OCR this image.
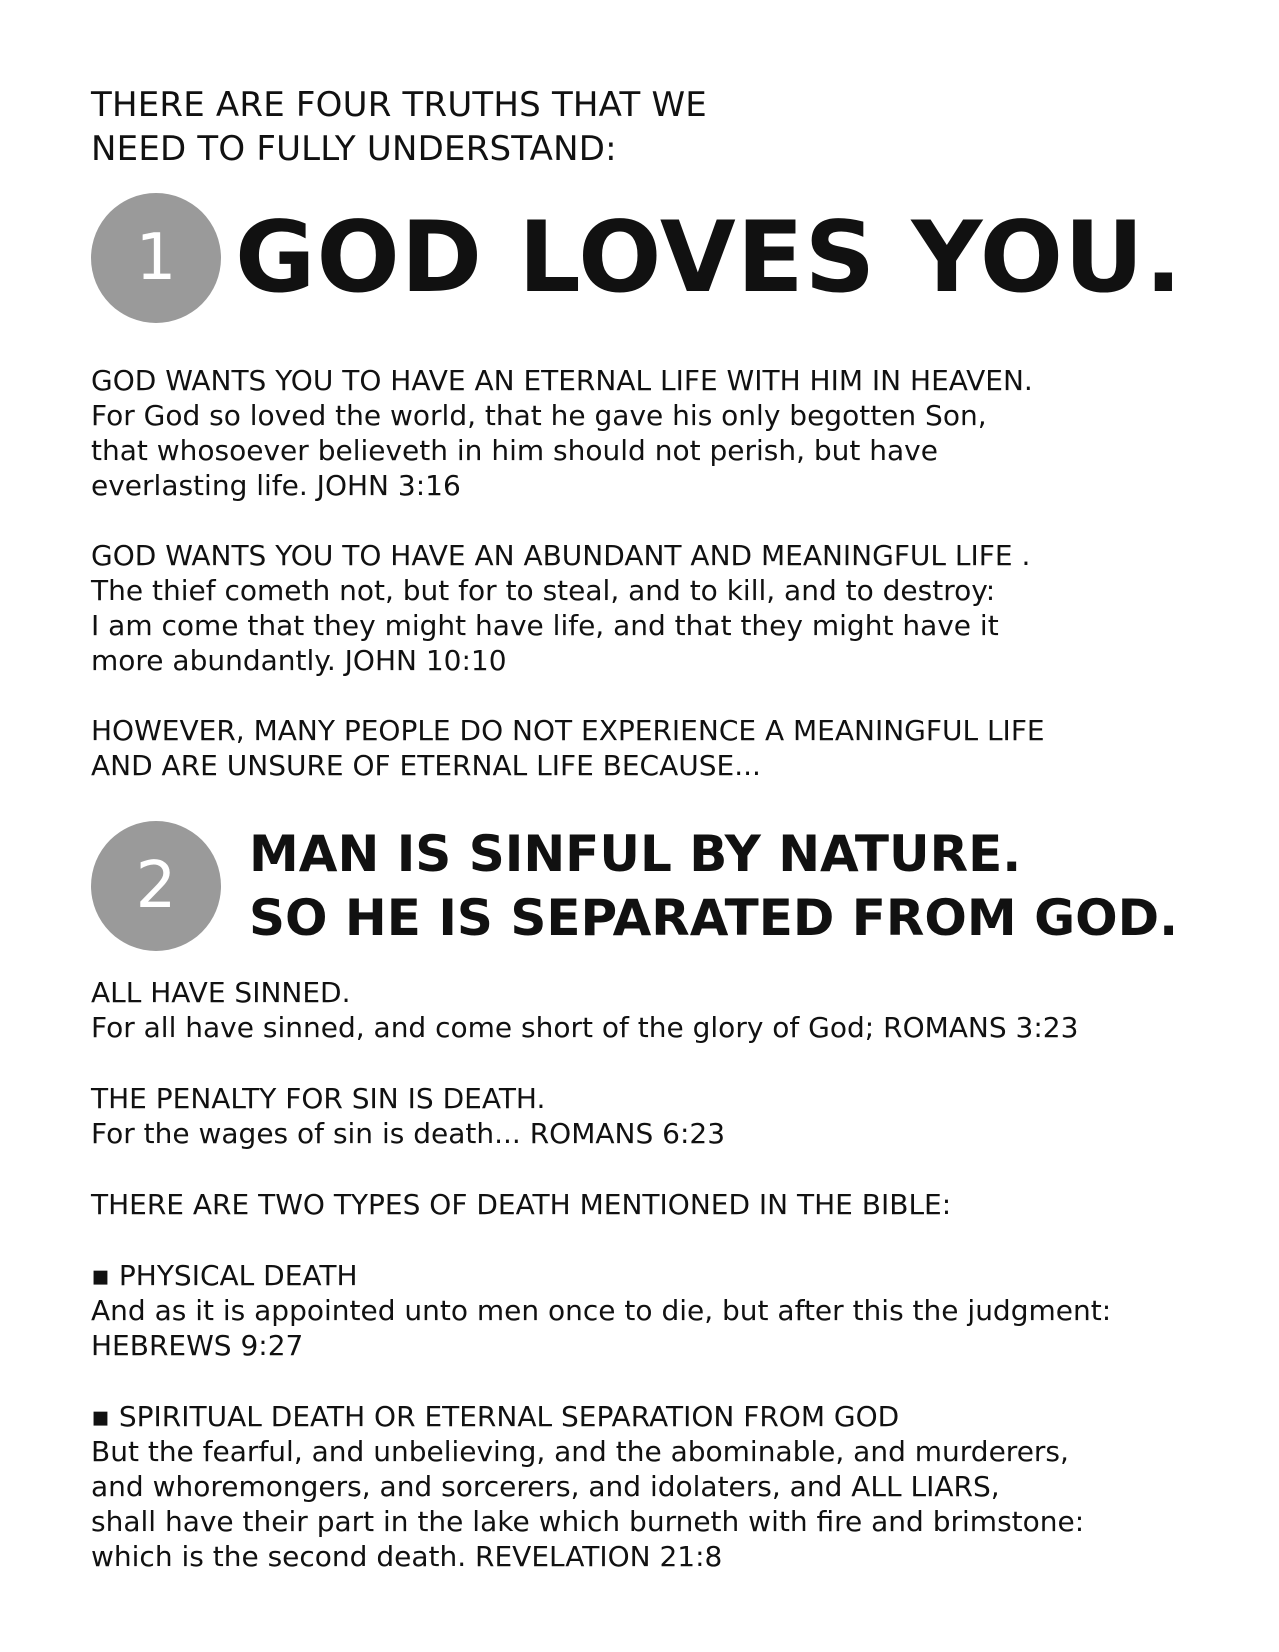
THERE ARE FOUR TRUTHS THAT WE
NEED TO FULLY UNDERSTAND:
1 GOD LOVES YOU.

GOD WANTS YOU TO HAVE AN ETERNAL LIFE WITH HIM IN HEAVEN.
For God so loved the world, that he gave his only begotten Son,
that whosoever believeth in him should not perish, but have
everlasting life. JOHN 3:16

GOD WANTS YOU TO HAVE AN ABUNDANT AND MEANINGFUL LIFE .
The thief cometh not, but for to steal, and to kill, and to destroy:
I am come that they might have life, and that they might have it
more abundantly. JOHN 10:10

HOWEVER, MANY PEOPLE DO NOT EXPERIENCE A MEANINGFUL LIFE
AND ARE UNSURE OF ETERNAL LIFE BECAUSE...

2 MAN IS SINFUL BY NATURE.
SO HE IS SEPARATED FROM GOD.

ALL HAVE SINNED.
For all have sinned, and come short of the glory of God; ROMANS 3:23

THE PENALTY FOR SIN IS DEATH.
For the wages of sin is death... ROMANS 6:23

THERE ARE TWO TYPES OF DEATH MENTIONED IN THE BIBLE:

▪ PHYSICAL DEATH
And as it is appointed unto men once to die, but after this the judgment:
HEBREWS 9:27

▪ SPIRITUAL DEATH OR ETERNAL SEPARATION FROM GOD
But the fearful, and unbelieving, and the abominable, and murderers,
and whoremongers, and sorcerers, and idolaters, and ALL LIARS,
shall have their part in the lake which burneth with fire and brimstone:
which is the second death. REVELATION 21:8
